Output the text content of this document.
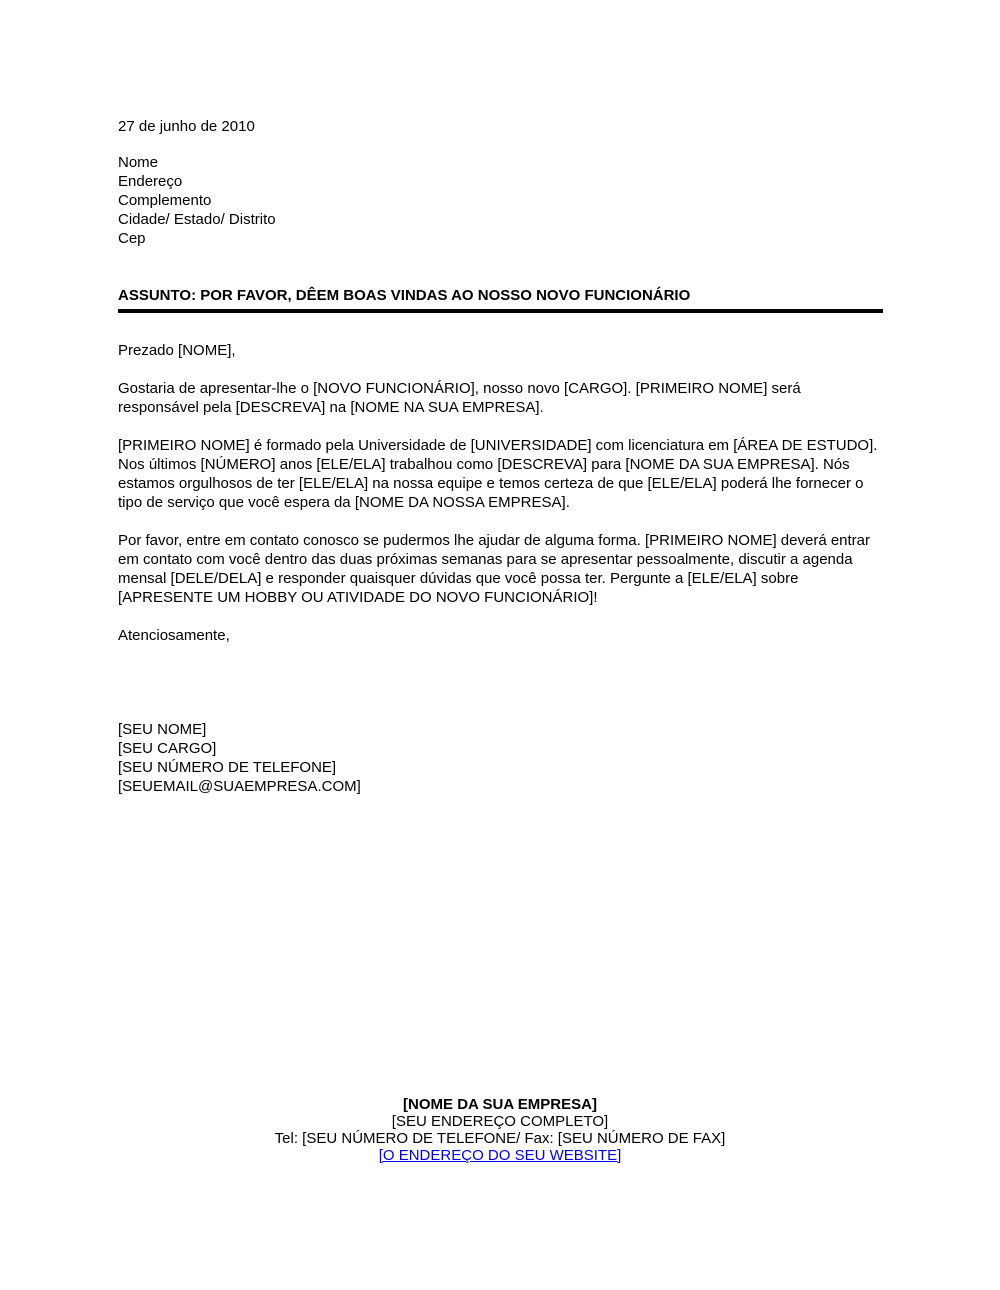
27 de junho de 2010

Nome

Endereço

Complemento

Cidade/ Estado/ Distrito

Cep

ASSUNTO: POR FAVOR, DÊEM BOAS VINDAS AO NOSSO NOVO FUNCIONÁRIO

Prezado [NOME],

Gostaria de apresentar-lhe o [NOVO FUNCIONÁRIO], nosso novo [CARGO]. [PRIMEIRO NOME] será responsável pela [DESCREVA] na [NOME NA SUA EMPRESA].

[PRIMEIRO NOME] é formado pela Universidade de [UNIVERSIDADE] com licenciatura em [ÁREA DE ESTUDO]. Nos últimos [NÚMERO] anos [ELE/ELA] trabalhou como [DESCREVA] para [NOME DA SUA EMPRESA]. Nós estamos orgulhosos de ter [ELE/ELA] na nossa equipe e temos certeza de que [ELE/ELA] poderá lhe fornecer o tipo de serviço que você espera da [NOME DA NOSSA EMPRESA].

Por favor, entre em contato conosco se pudermos lhe ajudar de alguma forma. [PRIMEIRO NOME] deverá entrar em contato com você dentro das duas próximas semanas para se apresentar pessoalmente, discutir a agenda mensal [DELE/DELA] e responder quaisquer dúvidas que você possa ter. Pergunte a [ELE/ELA] sobre [APRESENTE UM HOBBY OU ATIVIDADE DO NOVO FUNCIONÁRIO]!

Atenciosamente,

[SEU NOME]

[SEU CARGO]

[SEU NÚMERO DE TELEFONE]

[SEUEMAIL@SUAEMPRESA.COM]

[NOME DA SUA EMPRESA]

[SEU ENDEREÇO COMPLETO]

Tel: [SEU NÚMERO DE TELEFONE/ Fax: [SEU NÚMERO DE FAX]

[O ENDEREÇO DO SEU WEBSITE]
